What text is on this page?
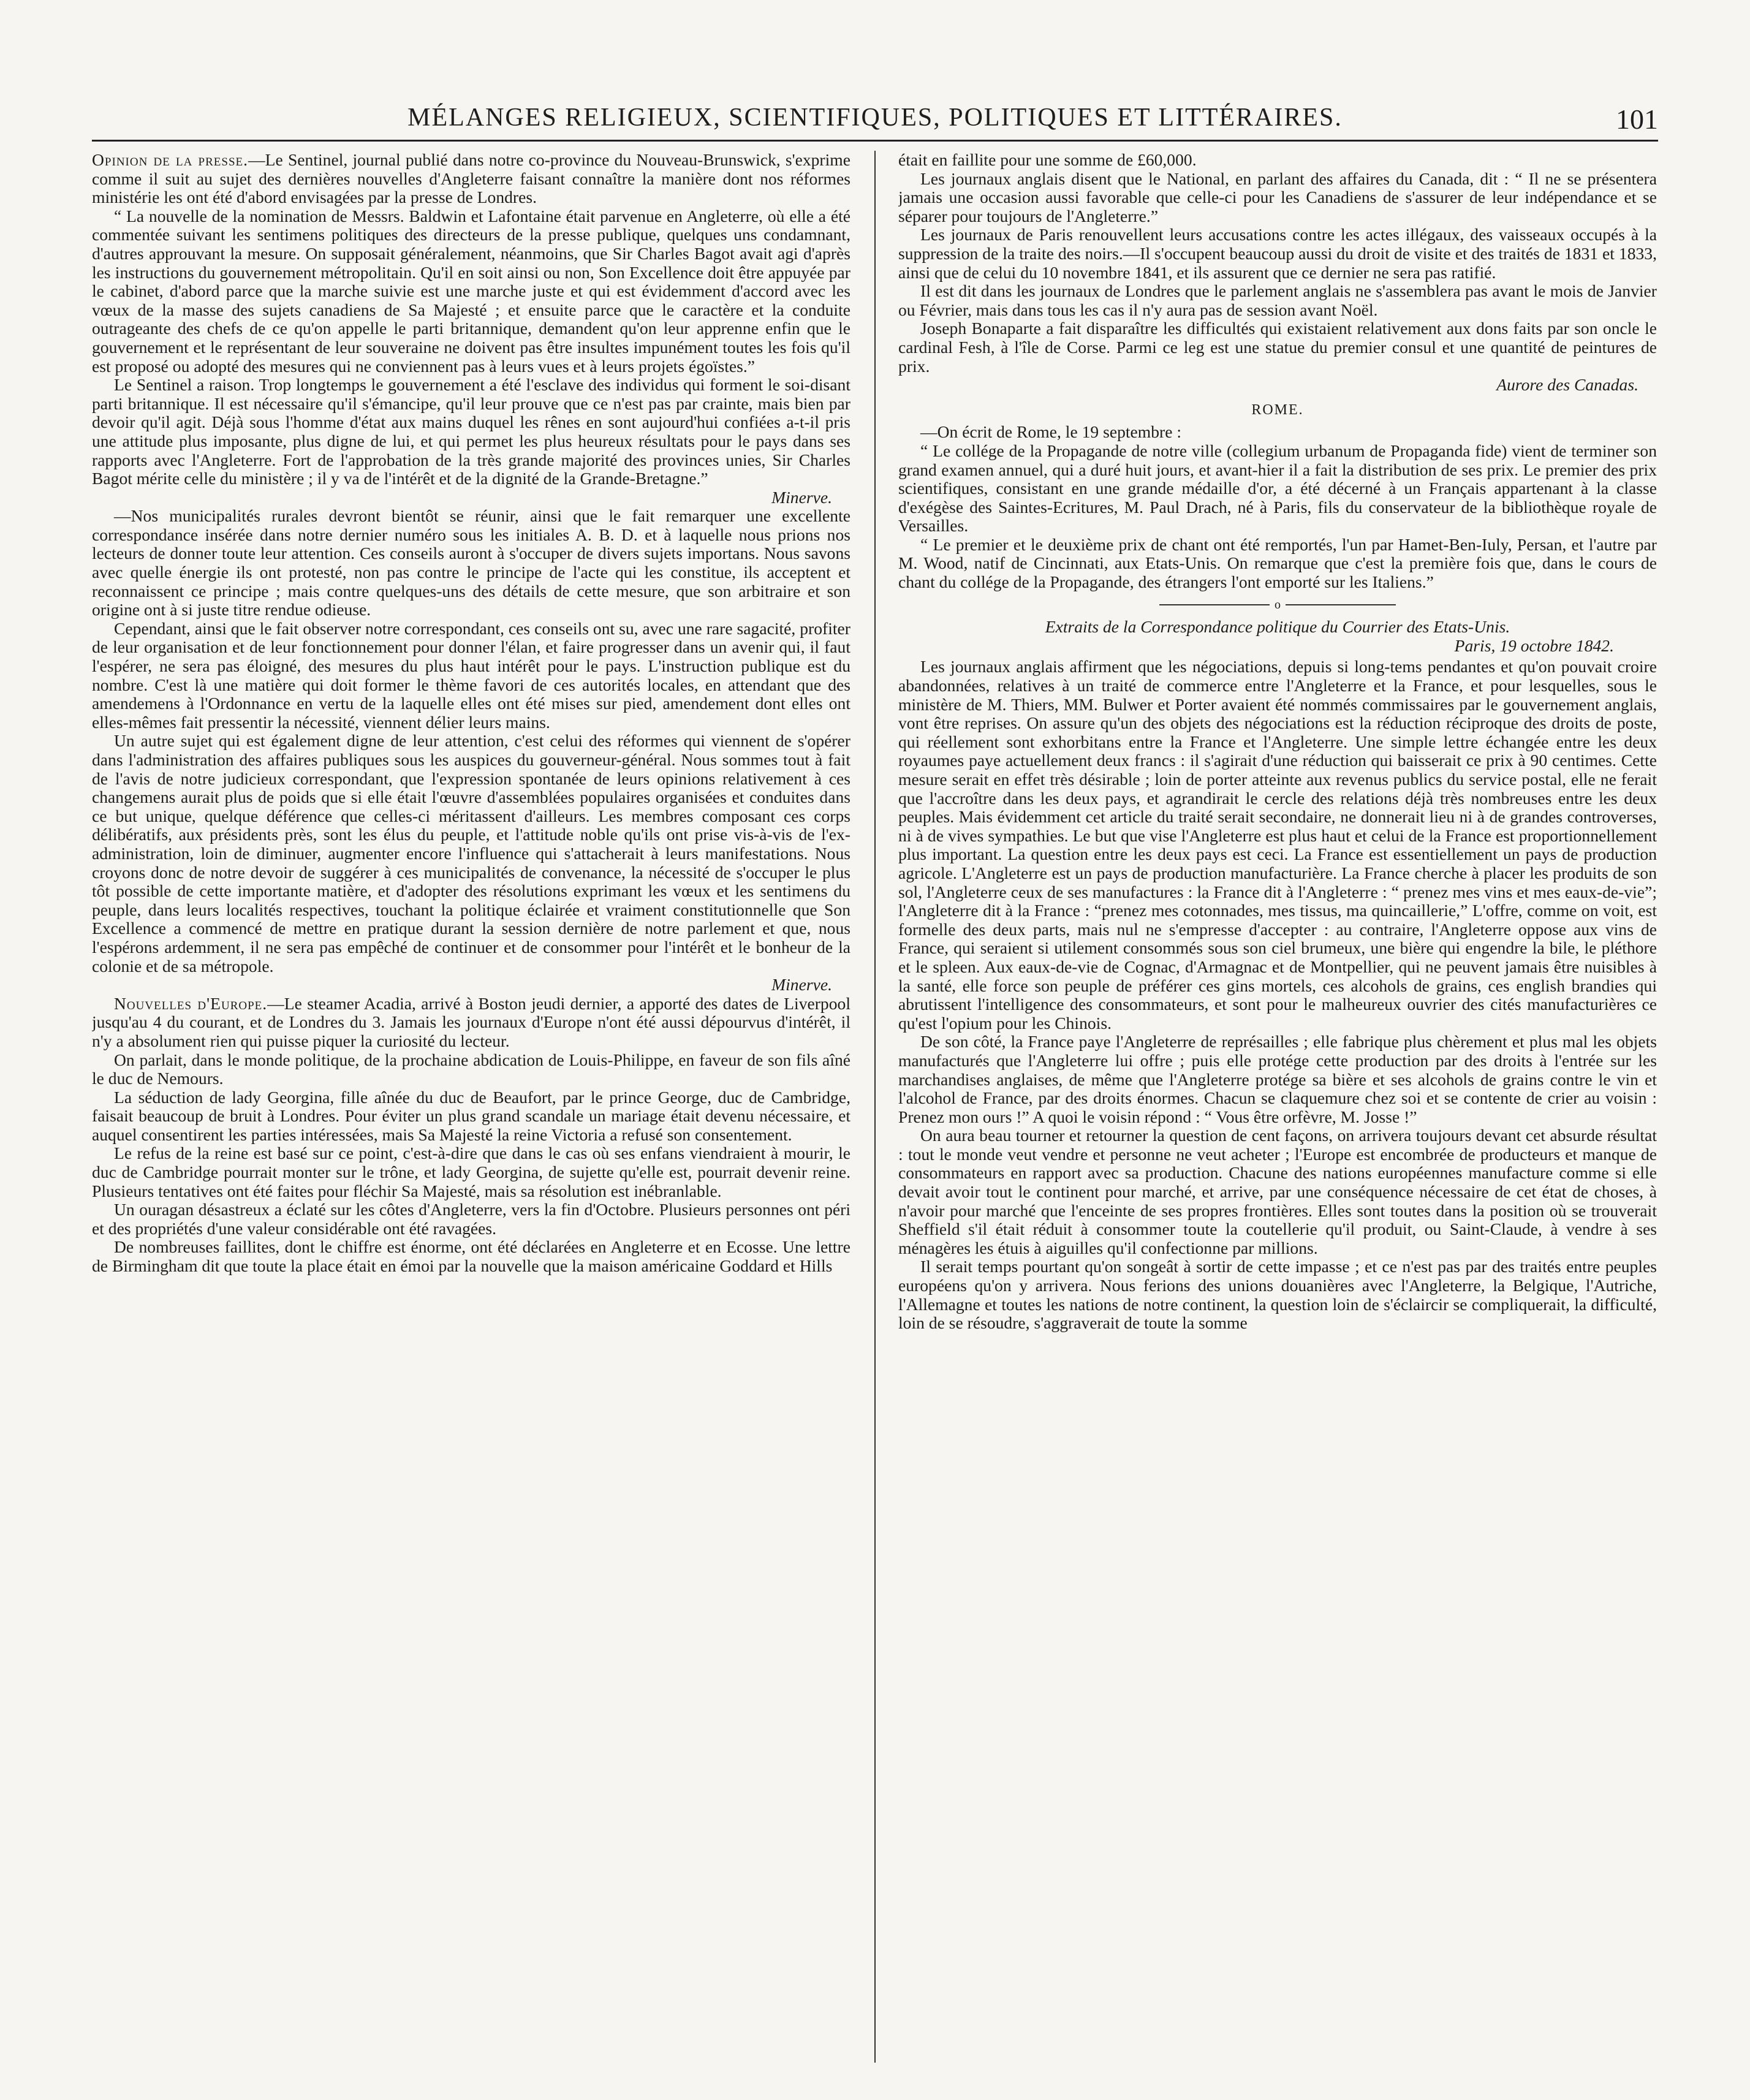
MÉLANGES RELIGIEUX, SCIENTIFIQUES, POLITIQUES ET LITTÉRAIRES.	101

Opinion de la presse.—Le Sentinel, journal publié dans notre co-province du Nouveau-Brunswick, s'exprime comme il suit au sujet des dernières nouvelles d'Angleterre faisant connaître la manière dont nos réformes ministérie les ont été d'abord envisagées par la presse de Londres.

“ La nouvelle de la nomination de Messrs. Baldwin et Lafontaine était parvenue en Angleterre, où elle a été commentée suivant les sentimens politiques des directeurs de la presse publique, quelques uns condamnant, d'autres approuvant la mesure. On supposait généralement, néanmoins, que Sir Charles Bagot avait agi d'après les instructions du gouvernement métropolitain. Qu'il en soit ainsi ou non, Son Excellence doit être appuyée par le cabinet, d'abord parce que la marche suivie est une marche juste et qui est évidemment d'accord avec les vœux de la masse des sujets canadiens de Sa Majesté ; et ensuite parce que le caractère et la conduite outrageante des chefs de ce qu'on appelle le parti britannique, demandent qu'on leur apprenne enfin que le gouvernement et le représentant de leur souveraine ne doivent pas être insultes impunément toutes les fois qu'il est proposé ou adopté des mesures qui ne conviennent pas à leurs vues et à leurs projets égoïstes.”

Le Sentinel a raison. Trop longtemps le gouvernement a été l'esclave des individus qui forment le soi-disant parti britannique. Il est nécessaire qu'il s'émancipe, qu'il leur prouve que ce n'est pas par crainte, mais bien par devoir qu'il agit. Déjà sous l'homme d'état aux mains duquel les rênes en sont aujourd'hui confiées a-t-il pris une attitude plus imposante, plus digne de lui, et qui permet les plus heureux résultats pour le pays dans ses rapports avec l'Angleterre. Fort de l'approbation de la très grande majorité des provinces unies, Sir Charles Bagot mérite celle du ministère ; il y va de l'intérêt et de la dignité de la Grande-Bretagne.”

Minerve.

—Nos municipalités rurales devront bientôt se réunir, ainsi que le fait remarquer une excellente correspondance insérée dans notre dernier numéro sous les initiales A. B. D. et à laquelle nous prions nos lecteurs de donner toute leur attention. Ces conseils auront à s'occuper de divers sujets importans. Nous savons avec quelle énergie ils ont protesté, non pas contre le principe de l'acte qui les constitue, ils acceptent et reconnaissent ce principe ; mais contre quelques-uns des détails de cette mesure, que son arbitraire et son origine ont à si juste titre rendue odieuse.

Cependant, ainsi que le fait observer notre correspondant, ces conseils ont su, avec une rare sagacité, profiter de leur organisation et de leur fonctionnement pour donner l'élan, et faire progresser dans un avenir qui, il faut l'espérer, ne sera pas éloigné, des mesures du plus haut intérêt pour le pays. L'instruction publique est du nombre. C'est là une matière qui doit former le thème favori de ces autorités locales, en attendant que des amendemens à l'Ordonnance en vertu de la laquelle elles ont été mises sur pied, amendement dont elles ont elles-mêmes fait pressentir la nécessité, viennent délier leurs mains.

Un autre sujet qui est également digne de leur attention, c'est celui des réformes qui viennent de s'opérer dans l'administration des affaires publiques sous les auspices du gouverneur-général. Nous sommes tout à fait de l'avis de notre judicieux correspondant, que l'expression spontanée de leurs opinions relativement à ces changemens aurait plus de poids que si elle était l'œuvre d'assemblées populaires organisées et conduites dans ce but unique, quelque déférence que celles-ci méritassent d'ailleurs. Les membres composant ces corps délibératifs, aux présidents près, sont les élus du peuple, et l'attitude noble qu'ils ont prise vis-à-vis de l'ex-administration, loin de diminuer, augmenter encore l'influence qui s'attacherait à leurs manifestations. Nous croyons donc de notre devoir de suggérer à ces municipalités de convenance, la nécessité de s'occuper le plus tôt possible de cette importante matière, et d'adopter des résolutions exprimant les vœux et les sentimens du peuple, dans leurs localités respectives, touchant la politique éclairée et vraiment constitutionnelle que Son Excellence a commencé de mettre en pratique durant la session dernière de notre parlement et que, nous l'espérons ardemment, il ne sera pas empêché de continuer et de consommer pour l'intérêt et le bonheur de la colonie et de sa métropole.

Minerve.

Nouvelles d'Europe.—Le steamer Acadia, arrivé à Boston jeudi dernier, a apporté des dates de Liverpool jusqu'au 4 du courant, et de Londres du 3. Jamais les journaux d'Europe n'ont été aussi dépourvus d'intérêt, il n'y a absolument rien qui puisse piquer la curiosité du lecteur.

On parlait, dans le monde politique, de la prochaine abdication de Louis-Philippe, en faveur de son fils aîné le duc de Nemours.

La séduction de lady Georgina, fille aînée du duc de Beaufort, par le prince George, duc de Cambridge, faisait beaucoup de bruit à Londres. Pour éviter un plus grand scandale un mariage était devenu nécessaire, et auquel consentirent les parties intéressées, mais Sa Majesté la reine Victoria a refusé son consentement.

Le refus de la reine est basé sur ce point, c'est-à-dire que dans le cas où ses enfans viendraient à mourir, le duc de Cambridge pourrait monter sur le trône, et lady Georgina, de sujette qu'elle est, pourrait devenir reine. Plusieurs tentatives ont été faites pour fléchir Sa Majesté, mais sa résolution est inébranlable.

Un ouragan désastreux a éclaté sur les côtes d'Angleterre, vers la fin d'Octobre. Plusieurs personnes ont péri et des propriétés d'une valeur considérable ont été ravagées.

De nombreuses faillites, dont le chiffre est énorme, ont été déclarées en Angleterre et en Ecosse. Une lettre de Birmingham dit que toute la place était en émoi par la nouvelle que la maison américaine Goddard et Hills

était en faillite pour une somme de £60,000.

Les journaux anglais disent que le National, en parlant des affaires du Canada, dit : “ Il ne se présentera jamais une occasion aussi favorable que celle-ci pour les Canadiens de s'assurer de leur indépendance et se séparer pour toujours de l'Angleterre.”

Les journaux de Paris renouvellent leurs accusations contre les actes illégaux, des vaisseaux occupés à la suppression de la traite des noirs.—Il s'occupent beaucoup aussi du droit de visite et des traités de 1831 et 1833, ainsi que de celui du 10 novembre 1841, et ils assurent que ce dernier ne sera pas ratifié.

Il est dit dans les journaux de Londres que le parlement anglais ne s'assemblera pas avant le mois de Janvier ou Février, mais dans tous les cas il n'y aura pas de session avant Noël.

Joseph Bonaparte a fait disparaître les difficultés qui existaient relativement aux dons faits par son oncle le cardinal Fesh, à l'île de Corse. Parmi ce leg est une statue du premier consul et une quantité de peintures de prix.

Aurore des Canadas.

ROME.

—On écrit de Rome, le 19 septembre :

“ Le collége de la Propagande de notre ville (collegium urbanum de Propaganda fide) vient de terminer son grand examen annuel, qui a duré huit jours, et avant-hier il a fait la distribution de ses prix. Le premier des prix scientifiques, consistant en une grande médaille d'or, a été décerné à un Français appartenant à la classe d'exégèse des Saintes-Ecritures, M. Paul Drach, né à Paris, fils du conservateur de la bibliothèque royale de Versailles.

“ Le premier et le deuxième prix de chant ont été remportés, l'un par Hamet-Ben-Iuly, Persan, et l'autre par M. Wood, natif de Cincinnati, aux Etats-Unis. On remarque que c'est la première fois que, dans le cours de chant du collége de la Propagande, des étrangers l'ont emporté sur les Italiens.”

o
Extraits de la Correspondance politique du Courrier des Etats-Unis.
Paris, 19 octobre 1842.

Les journaux anglais affirment que les négociations, depuis si long-tems pendantes et qu'on pouvait croire abandonnées, relatives à un traité de commerce entre l'Angleterre et la France, et pour lesquelles, sous le ministère de M. Thiers, MM. Bulwer et Porter avaient été nommés commissaires par le gouvernement anglais, vont être reprises. On assure qu'un des objets des négociations est la réduction réciproque des droits de poste, qui réellement sont exhorbitans entre la France et l'Angleterre. Une simple lettre échangée entre les deux royaumes paye actuellement deux francs : il s'agirait d'une réduction qui baisserait ce prix à 90 centimes. Cette mesure serait en effet très désirable ; loin de porter atteinte aux revenus publics du service postal, elle ne ferait que l'accroître dans les deux pays, et agrandirait le cercle des relations déjà très nombreuses entre les deux peuples. Mais évidemment cet article du traité serait secondaire, ne donnerait lieu ni à de grandes controverses, ni à de vives sympathies. Le but que vise l'Angleterre est plus haut et celui de la France est proportionnellement plus important. La question entre les deux pays est ceci. La France est essentiellement un pays de production agricole. L'Angleterre est un pays de production manufacturière. La France cherche à placer les produits de son sol, l'Angleterre ceux de ses manufactures : la France dit à l'Angleterre : “ prenez mes vins et mes eaux-de-vie”; l'Angleterre dit à la France : “prenez mes cotonnades, mes tissus, ma quincaillerie,” L'offre, comme on voit, est formelle des deux parts, mais nul ne s'empresse d'accepter : au contraire, l'Angleterre oppose aux vins de France, qui seraient si utilement consommés sous son ciel brumeux, une bière qui engendre la bile, le pléthore et le spleen. Aux eaux-de-vie de Cognac, d'Armagnac et de Montpellier, qui ne peuvent jamais être nuisibles à la santé, elle force son peuple de préférer ces gins mortels, ces alcohols de grains, ces english brandies qui abrutissent l'intelligence des consommateurs, et sont pour le malheureux ouvrier des cités manufacturières ce qu'est l'opium pour les Chinois.

De son côté, la France paye l'Angleterre de représailles ; elle fabrique plus chèrement et plus mal les objets manufacturés que l'Angleterre lui offre ; puis elle protége cette production par des droits à l'entrée sur les marchandises anglaises, de même que l'Angleterre protége sa bière et ses alcohols de grains contre le vin et l'alcohol de France, par des droits énormes. Chacun se claquemure chez soi et se contente de crier au voisin : Prenez mon ours !” A quoi le voisin répond : “ Vous être orfèvre, M. Josse !”

On aura beau tourner et retourner la question de cent façons, on arrivera toujours devant cet absurde résultat : tout le monde veut vendre et personne ne veut acheter ; l'Europe est encombrée de producteurs et manque de consommateurs en rapport avec sa production. Chacune des nations européennes manufacture comme si elle devait avoir tout le continent pour marché, et arrive, par une conséquence nécessaire de cet état de choses, à n'avoir pour marché que l'enceinte de ses propres frontières. Elles sont toutes dans la position où se trouverait Sheffield s'il était réduit à consommer toute la coutellerie qu'il produit, ou Saint-Claude, à vendre à ses ménagères les étuis à aiguilles qu'il confectionne par millions.

Il serait temps pourtant qu'on songeât à sortir de cette impasse ; et ce n'est pas par des traités entre peuples européens qu'on y arrivera. Nous ferions des unions douanières avec l'Angleterre, la Belgique, l'Autriche, l'Allemagne et toutes les nations de notre continent, la question loin de s'éclaircir se compliquerait, la difficulté, loin de se résoudre, s'aggraverait de toute la somme
